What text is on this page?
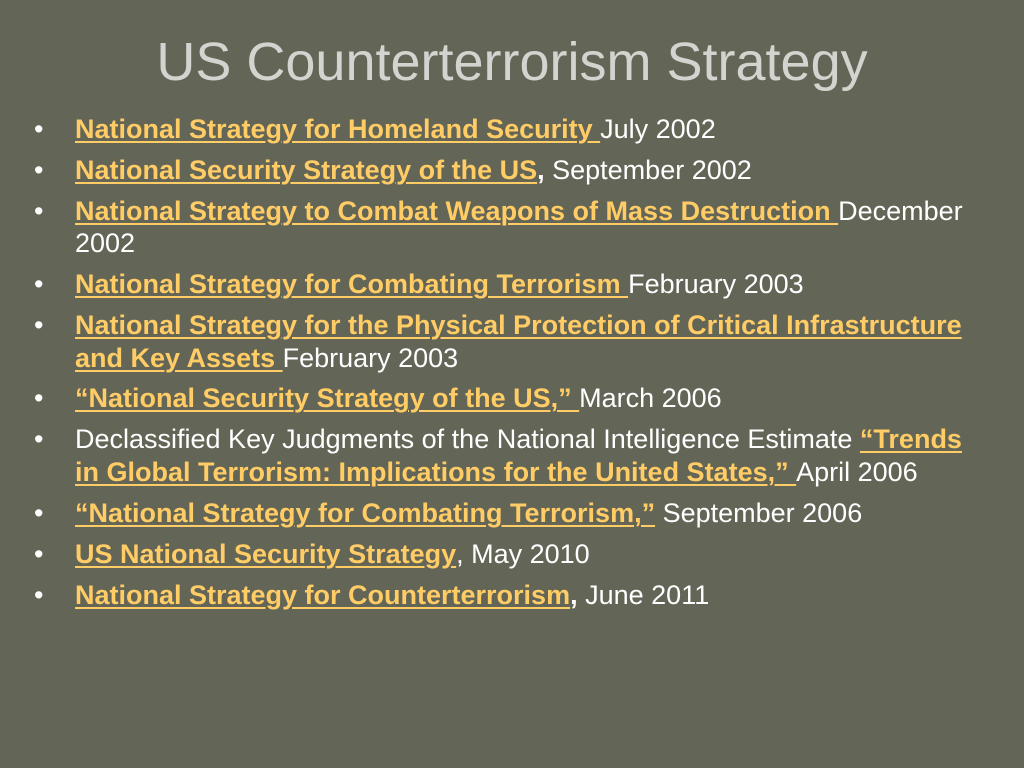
US Counterterrorism Strategy
•	National Strategy for Homeland Security July 2002
•	National Security Strategy of the US, September 2002
•	National Strategy to Combat Weapons of Mass Destruction December 2002
•	National Strategy for Combating Terrorism February 2003
•	National Strategy for the Physical Protection of Critical Infrastructure and Key Assets February 2003
•	“National Security Strategy of the US,” March 2006
•	Declassified Key Judgments of the National Intelligence Estimate “Trends in Global Terrorism: Implications for the United States,” April 2006
•	“National Strategy for Combating Terrorism,” September 2006
•	US National Security Strategy, May 2010
•	National Strategy for Counterterrorism, June 2011
